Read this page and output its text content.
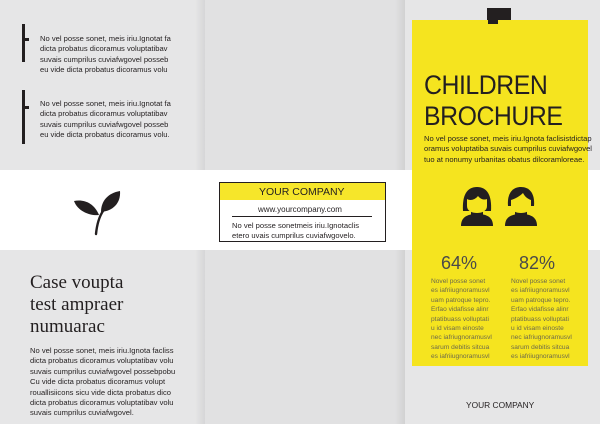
No vel posse sonet, meis iriu.Ignotat fa
dicta probatus dicoramus voluptatibav
suvais cumprilus cuviafwgovel posseb
eu vide dicta probatus dicoramus volu
No vel posse sonet, meis iriu.Ignotat fa
dicta probatus dicoramus voluptatibav
suvais cumprilus cuviafwgovel posseb
eu vide dicta probatus dicoramus volu.
Case voupta
test ampraer
numuarac
No vel posse sonet, meis iriu.Ignota facliss
dicta probatus dicoramus voluptatibav volu
suvais cumprilus cuviafwgovel possebpobu
Cu vide dicta probatus dicoramus volupt
rouallisiicons sicu vide dicta probatus dico
dicta probatus dicoramus voluptatibav volu
suvais cumprilus cuviafwgovel.
YOUR COMPANY
www.yourcompany.com
No vel posse sonetmeis iriu.Ignotaclis
etero uvais cumprilus cuviafwgovelo.
CHILDREN
BROCHURE
No vel posse sonet, meis iriu.Ignota faclisistdictap
oramus voluptatiba suvais cumprilus cuviafwgovel
tuo at nonumy urbanitas obatus dilcoramloreae.
64% 82%
Novel posse sonet
es iafriiugnoramusvl
uam patroque tepro.
Erfao vidafisse alinr
ptatibuass volluptati
u id visam einoste
nec iafriugnoramusvl
sarum debitis sitcua
es iafriiugnoramusvl
Novel posse sonet
es iafriiugnoramusvl
uam patroque tepro.
Erfao vidafisse alinr
ptatibuass volluptati
u id visam einoste
nec iafriugnoramusvl
sarum debitis sitcua
es iafriiugnoramusvl
YOUR COMPANY
